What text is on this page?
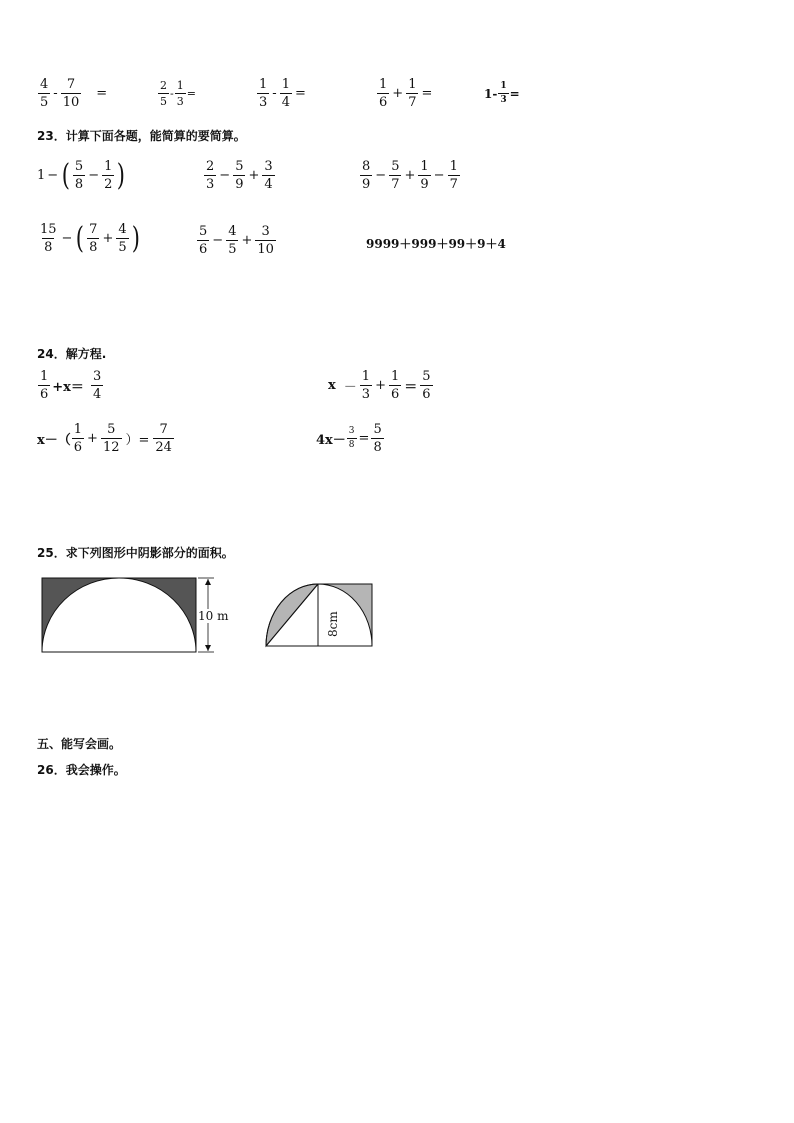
$\frac{4}{5} - \frac{7}{10}$ =	$\frac{2}{5} - \frac{1}{3}$ =	$\frac{1}{3} - \frac{1}{4}$ =	$\frac{1}{6} + \frac{1}{7}$ =	$1 - \frac{1}{3}$ =
23．计算下面各题，能简算的要简算。
1 − ( $\frac{5}{8} - \frac{1}{2}$ )	$\frac{2}{3} - \frac{5}{9} + \frac{3}{4}$	$\frac{8}{9} - \frac{5}{7} + \frac{1}{9} - \frac{1}{7}$
$\frac{15}{8}$ − ( $\frac{7}{8} + \frac{4}{5}$ )	$\frac{5}{6} - \frac{4}{5} + \frac{3}{10}$	9999＋999＋99＋9＋4
24．解方程.
$\frac{1}{6} +x= \frac{3}{4}$	$x - \frac{1}{3} + \frac{1}{6} = \frac{5}{6}$
$x-( \frac{1}{6} + \frac{5}{12}$ ）= $\frac{7}{24}$	$4x- \frac{3}{8} = \frac{5}{8}$
25．求下列图形中阴影部分的面积。
10 m	8cm
五、能写会画。
26．我会操作。
